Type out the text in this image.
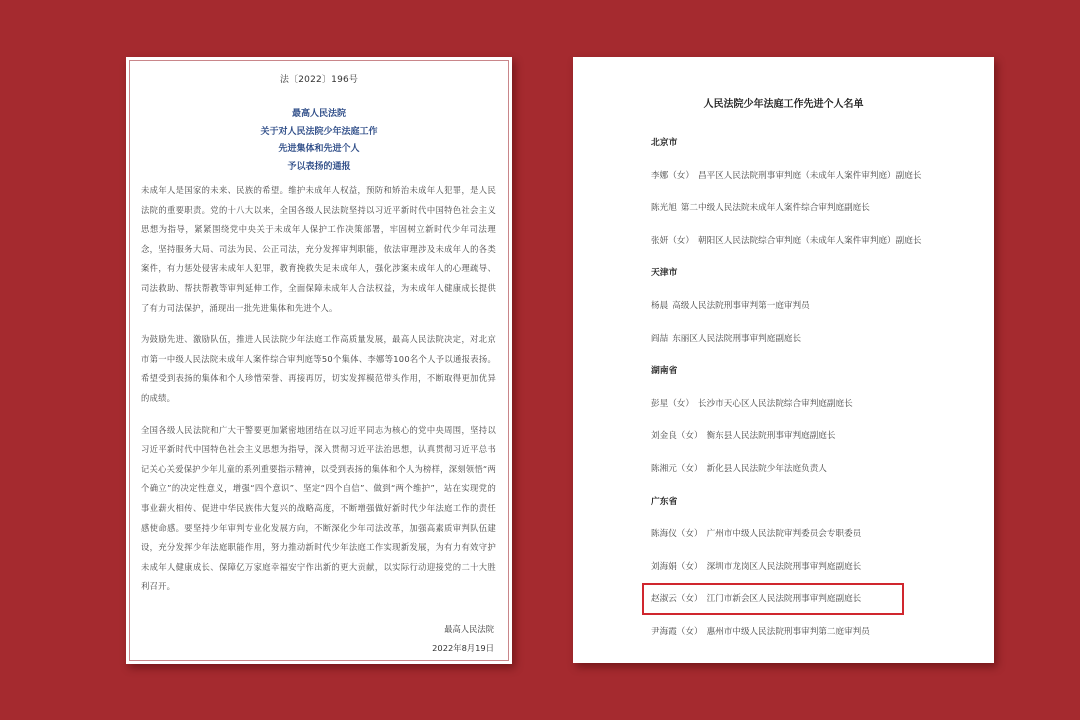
法〔2022〕196号
最高人民法院
关于对人民法院少年法庭工作
先进集体和先进个人
予以表扬的通报

未成年人是国家的未来、民族的希望。维护未成年人权益，预防和矫治未成年人犯罪，是人民法院的重要职责。党的十八大以来，全国各级人民法院坚持以习近平新时代中国特色社会主义思想为指导，紧紧围绕党中央关于未成年人保护工作决策部署，牢固树立新时代少年司法理念，坚持服务大局、司法为民、公正司法，充分发挥审判职能，依法审理涉及未成年人的各类案件，有力惩处侵害未成年人犯罪，教育挽救失足未成年人，强化涉案未成年人的心理疏导、司法救助、帮扶帮教等审判延伸工作，全面保障未成年人合法权益，为未成年人健康成长提供了有力司法保护，涌现出一批先进集体和先进个人。

为鼓励先进、激励队伍，推进人民法院少年法庭工作高质量发展，最高人民法院决定，对北京市第一中级人民法院未成年人案件综合审判庭等50个集体、李娜等100名个人予以通报表扬。希望受到表扬的集体和个人珍惜荣誉、再接再厉，切实发挥模范带头作用，不断取得更加优异的成绩。

全国各级人民法院和广大干警要更加紧密地团结在以习近平同志为核心的党中央周围，坚持以习近平新时代中国特色社会主义思想为指导，深入贯彻习近平法治思想，认真贯彻习近平总书记关心关爱保护少年儿童的系列重要指示精神，以受到表扬的集体和个人为榜样，深刻领悟“两个确立”的决定性意义，增强“四个意识”、坚定“四个自信”、做到“两个维护”，站在实现党的事业薪火相传、促进中华民族伟大复兴的战略高度，不断增强做好新时代少年法庭工作的责任感使命感。要坚持少年审判专业化发展方向，不断深化少年司法改革，加强高素质审判队伍建设，充分发挥少年法庭职能作用，努力推动新时代少年法庭工作实现新发展，为有力有效守护未成年人健康成长、保障亿万家庭幸福安宁作出新的更大贡献，以实际行动迎接党的二十大胜利召开。

最高人民法院
2022年8月19日
人民法院少年法庭工作先进个人名单
北京市
李娜（女） 昌平区人民法院刑事审判庭（未成年人案件审判庭）副庭长
陈光旭 第二中级人民法院未成年人案件综合审判庭副庭长
张妍（女） 朝阳区人民法院综合审判庭（未成年人案件审判庭）副庭长
天津市
杨晨 高级人民法院刑事审判第一庭审判员
阎喆 东丽区人民法院刑事审判庭副庭长
湖南省
彭星（女） 长沙市天心区人民法院综合审判庭副庭长
刘金良（女） 衡东县人民法院刑事审判庭副庭长
陈湘元（女） 新化县人民法院少年法庭负责人
广东省
陈海仪（女） 广州市中级人民法院审判委员会专职委员
刘海娟（女） 深圳市龙岗区人民法院刑事审判庭副庭长
赵淑云（女） 江门市新会区人民法院刑事审判庭副庭长
尹海霞（女） 惠州市中级人民法院刑事审判第二庭审判员
